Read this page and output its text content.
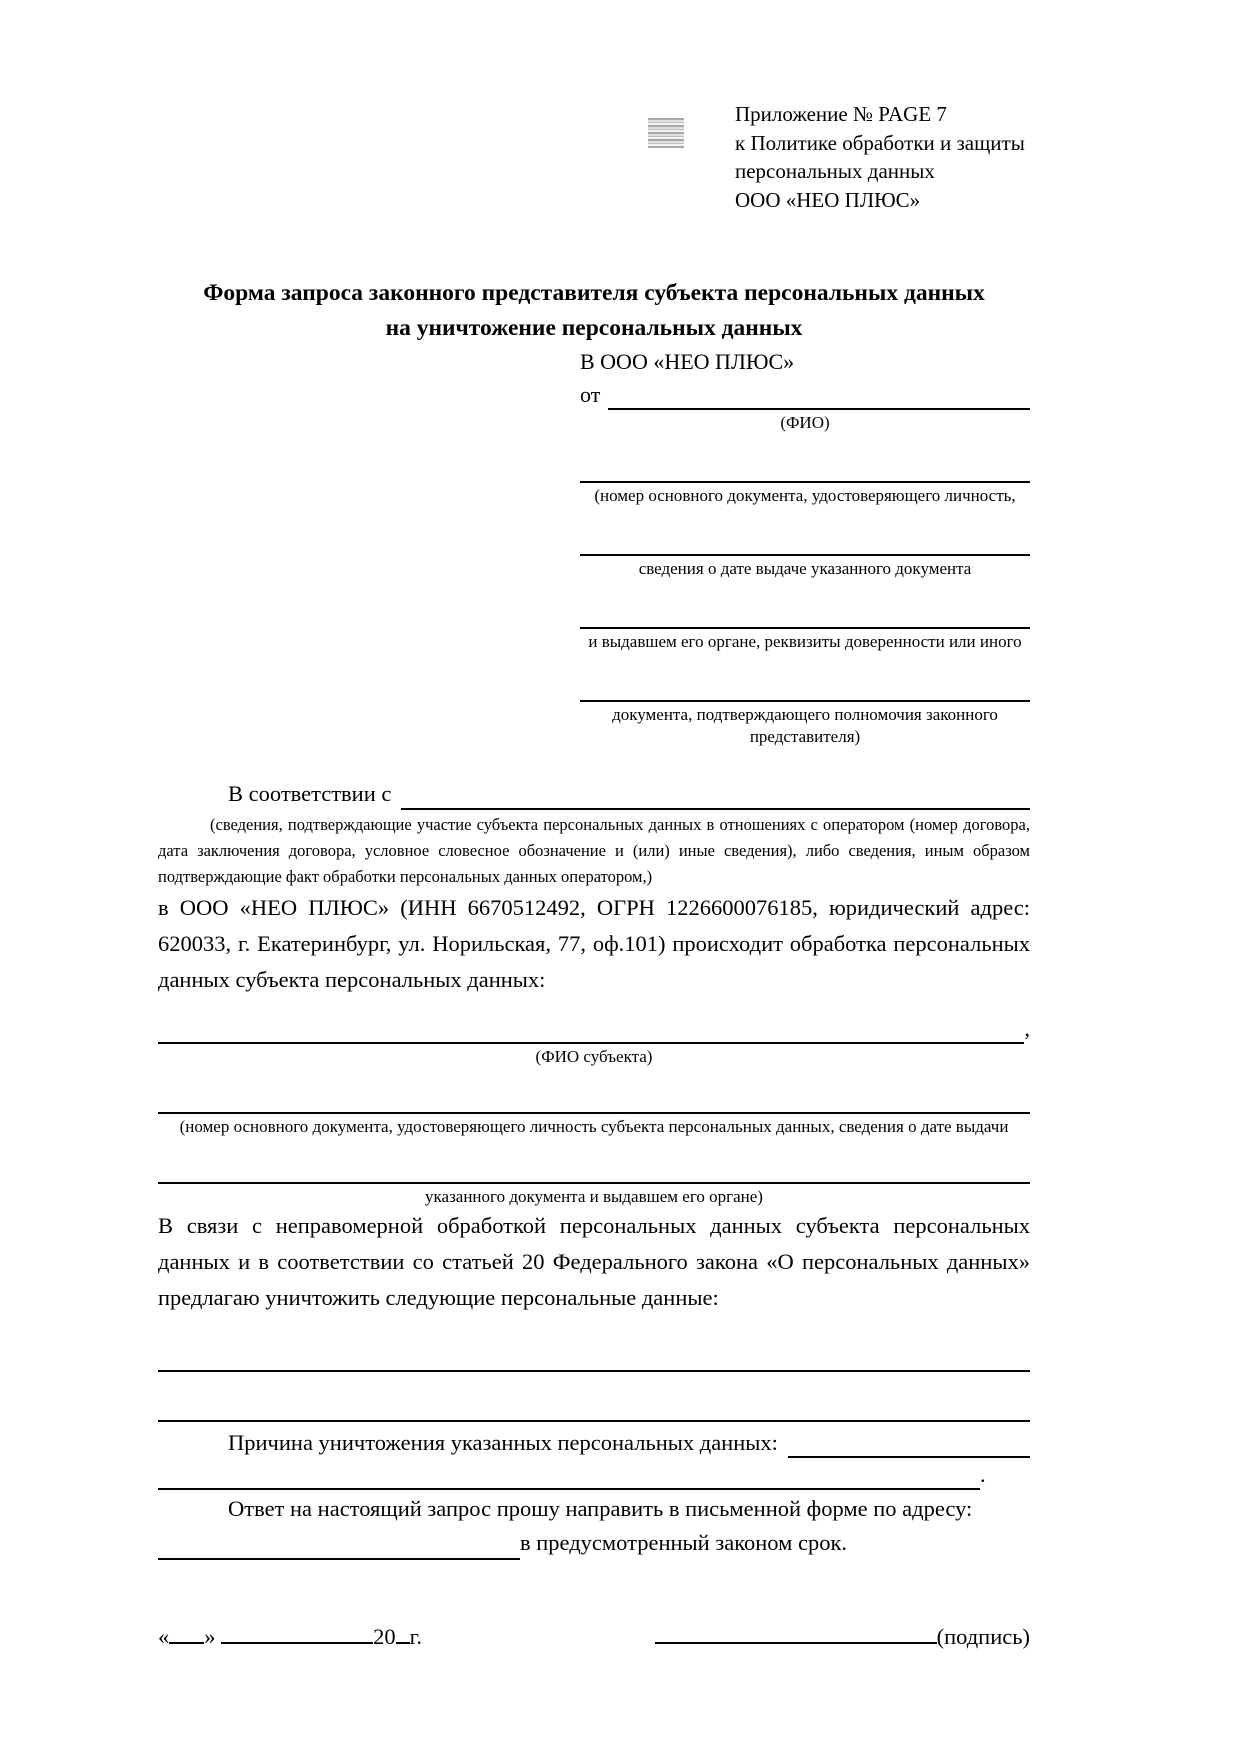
Приложение № PAGE 7
к Политике обработки и защиты
персональных данных
ООО «НЕО ПЛЮС»
Форма запроса законного представителя субъекта персональных данных
на уничтожение персональных данных
В ООО «НЕО ПЛЮС»
от
(ФИО)
(номер основного документа, удостоверяющего личность,
сведения о дате выдаче указанного документа
и выдавшем его органе, реквизиты доверенности или иного
документа, подтверждающего полномочия законного представителя)
В соответствии с
(сведения, подтверждающие участие субъекта персональных данных в отношениях с оператором (номер договора, дата заключения договора, условное словесное обозначение и (или) иные сведения), либо сведения, иным образом подтверждающие факт обработки персональных данных оператором,)
в ООО «НЕО ПЛЮС» (ИНН 6670512492, ОГРН 1226600076185, юридический адрес: 620033, г. Екатеринбург, ул. Норильская, 77, оф.101) происходит обработка персональных данных субъекта персональных данных:
,
(ФИО субъекта)
(номер основного документа, удостоверяющего личность субъекта персональных данных, сведения о дате выдачи
указанного документа и выдавшем его органе)
В связи с неправомерной обработкой персональных данных субъекта персональных данных и в соответствии со статьей 20 Федерального закона «О персональных данных» предлагаю уничтожить следующие персональные данные:
Причина уничтожения указанных персональных данных:
.
Ответ на настоящий запрос прошу направить в письменной форме по адресу:
в предусмотренный законом срок.
« »	20 г.	(подпись)
